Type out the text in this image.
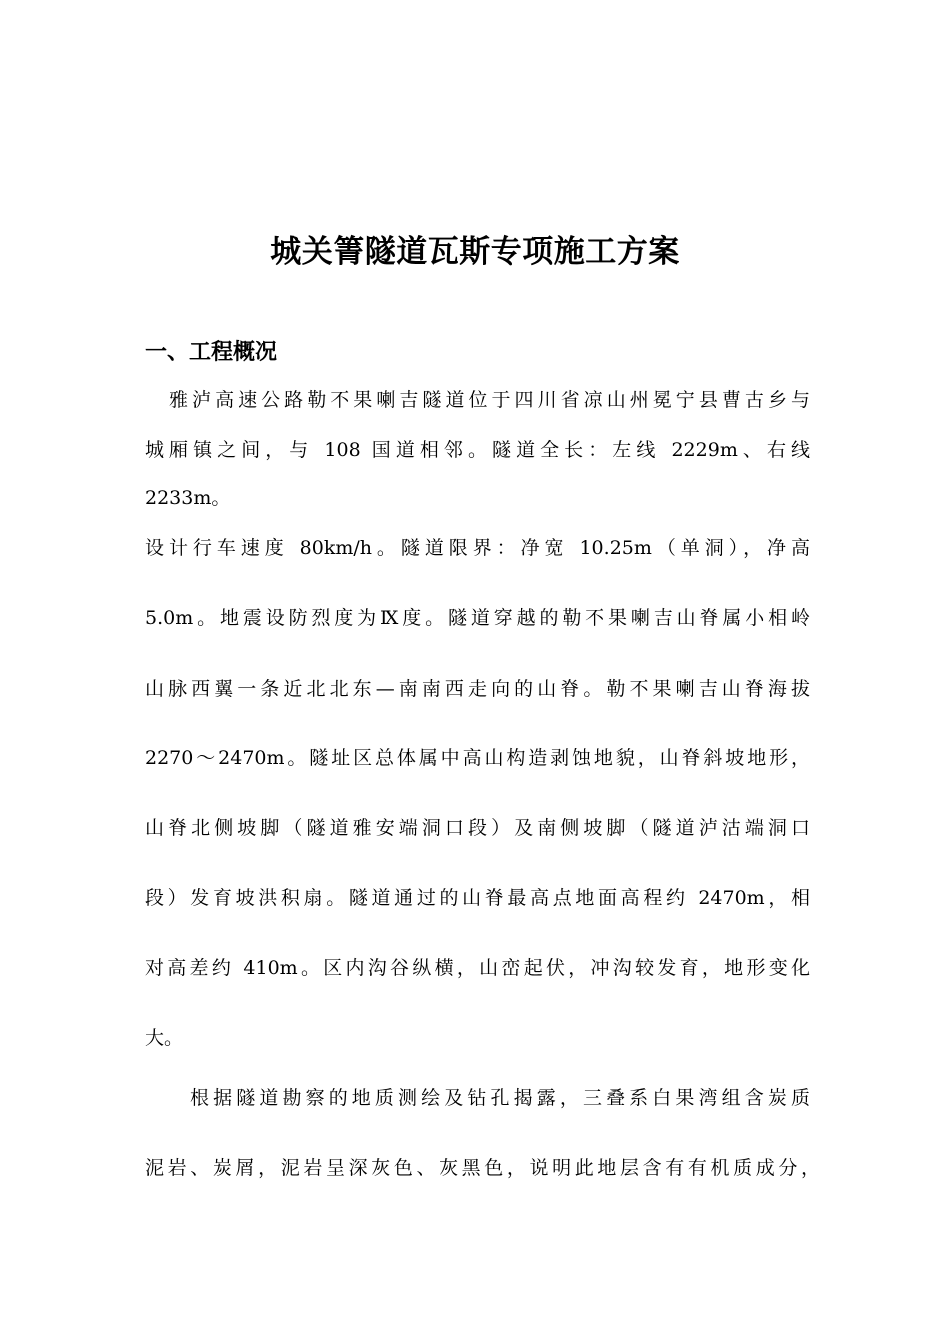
城关箐隧道瓦斯专项施工方案
一、工程概况
雅泸高速公路勒不果喇吉隧道位于四川省凉山州冕宁县曹古乡与
城厢镇之间，与 108 国道相邻。隧道全长：左线 2229m、右线
2233m。
设计行车速度 80km/h。隧道限界：净宽 10.25m（单洞），净高
5.0m。地震设防烈度为Ⅸ度。隧道穿越的勒不果喇吉山脊属小相岭
山脉西翼一条近北北东—南南西走向的山脊。勒不果喇吉山脊海拔
2270～2470m。隧址区总体属中高山构造剥蚀地貌，山脊斜坡地形，
山脊北侧坡脚（隧道雅安端洞口段）及南侧坡脚（隧道泸沽端洞口
段）发育坡洪积扇。隧道通过的山脊最高点地面高程约 2470m，相
对高差约 410m。区内沟谷纵横，山峦起伏，冲沟较发育，地形变化
大。
根据隧道勘察的地质测绘及钻孔揭露，三叠系白果湾组含炭质
泥岩、炭屑，泥岩呈深灰色、灰黑色，说明此地层含有有机质成分，
